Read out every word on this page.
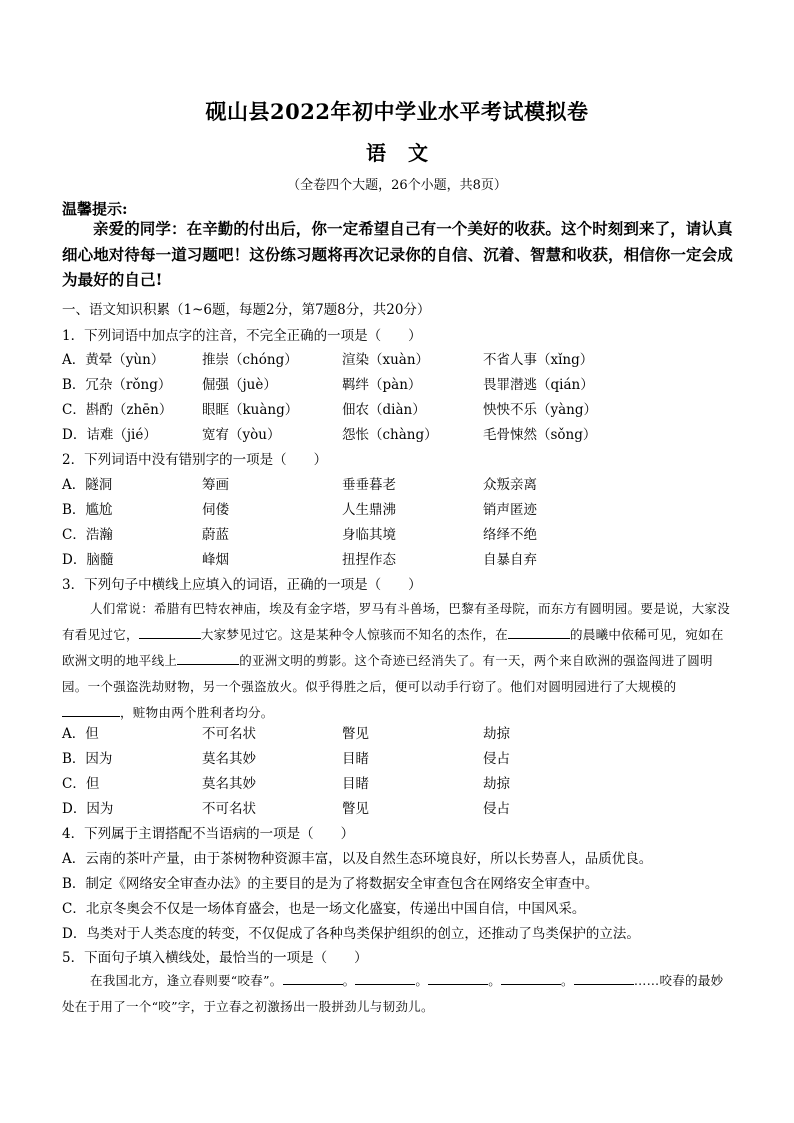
砚山县2022年初中学业水平考试模拟卷
语文
（全卷四个大题，26个小题，共8页）
温馨提示:
亲爱的同学：在辛勤的付出后，你一定希望自己有一个美好的收获。这个时刻到来了，请认真细心地对待每一道习题吧！这份练习题将再次记录你的自信、沉着、智慧和收获，相信你一定会成为最好的自己!
一、语文知识积累（1~6题，每题2分，第7题8分，共20分）
1．下列词语中加点字的注音，不完全正确的一项是（　　）
A．黄晕（yùn）	推崇（chóng）	渲染（xuàn）	不省人事（xǐng）
B．冗杂（rǒng） 倔强（juè）	羁绊（pàn）	畏罪潜逃（qián）
C．斟酌（zhēn） 眼眶（kuàng）	佃农（diàn）	怏怏不乐（yàng）
D．诘难（jié）	宽宥（yòu）	怨怅（chàng）	毛骨悚然（sǒng）
2．下列词语中没有错别字的一项是（　　）
A．隧洞	筹画	垂垂暮老	众叛亲离
B．尴尬	伺偻	人生鼎沸	销声匿迹
C．浩瀚	蔚蓝	身临其境	络绎不绝
D．脑髓	峰烟	扭捏作态	自暴自弃
3．下列句子中横线上应填入的词语，正确的一项是（　　）
人们常说：希腊有巴特农神庙，埃及有金字塔，罗马有斗兽场，巴黎有圣母院，而东方有圆明园。要是说，大家没有看见过它，	大家梦见过它。这是某种令人惊骇而不知名的杰作，在	的晨曦中依稀可见，宛如在欧洲文明的地平线上	的亚洲文明的剪影。这个奇迹已经消失了。有一天，两个来自欧洲的强盗闯进了圆明园。一个强盗洗劫财物，另一个强盗放火。似乎得胜之后，便可以动手行窃了。他们对圆明园进行了大规模的，赃物由两个胜利者均分。
A．但	不可名状	瞥见	劫掠
B．因为	莫名其妙	目睹	侵占
C．但	莫名其妙	目睹	劫掠
D．因为	不可名状	瞥见	侵占
4．下列属于主谓搭配不当语病的一项是（　　）
A．云南的茶叶产量，由于茶树物种资源丰富，以及自然生态环境良好，所以长势喜人，品质优良。
B．制定《网络安全审查办法》的主要目的是为了将数据安全审查包含在网络安全审查中。
C．北京冬奥会不仅是一场体育盛会，也是一场文化盛宴，传递出中国自信，中国风采。
D．鸟类对于人类态度的转变，不仅促成了各种鸟类保护组织的创立，还推动了鸟类保护的立法。
5．下面句子填入横线处，最恰当的一项是（　　）
在我国北方，逢立春则要“咬春”。	。	。	。	。	……咬春的最妙处在于用了一个“咬”字，于立春之初激扬出一股拼劲儿与韧劲儿。
